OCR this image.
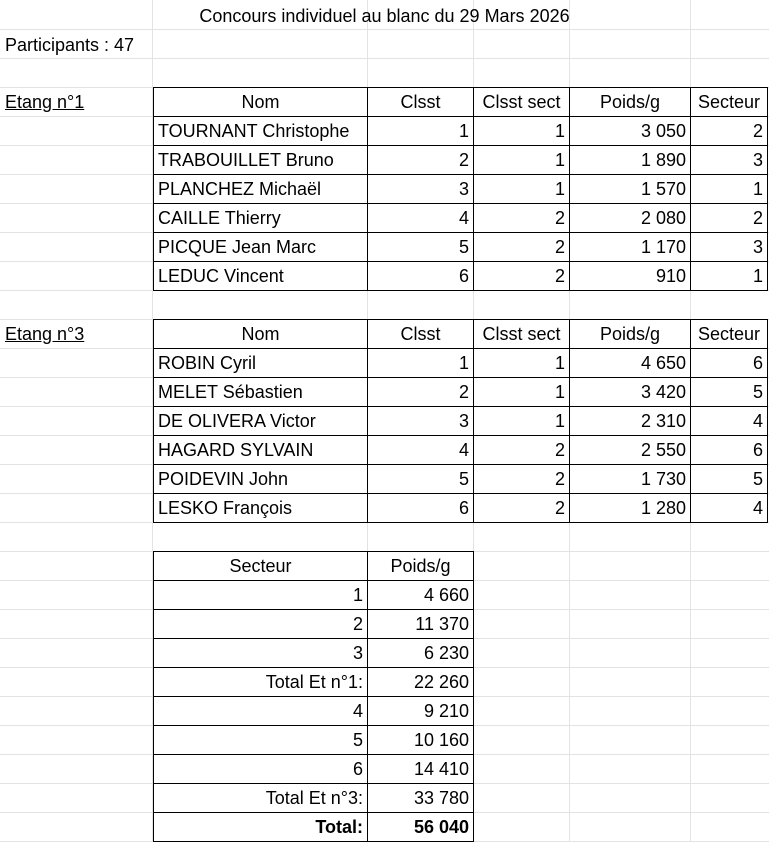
Concours individuel au blanc du 29 Mars 2026
Participants : 47
Etang n°1	Nom	Clsst	Clsst sect	Poids/g	Secteur
TOURNANT Christophe	1	1	3 050	2
TRABOUILLET Bruno	2	1	1 890	3
PLANCHEZ Michaël	3	1	1 570	1
CAILLE Thierry	4	2	2 080	2
PICQUE Jean Marc	5	2	1 170	3
LEDUC Vincent	6	2	910	1
Etang n°3	Nom	Clsst	Clsst sect	Poids/g	Secteur
ROBIN Cyril	1	1	4 650	6
MELET Sébastien	2	1	3 420	5
DE OLIVERA Victor	3	1	2 310	4
HAGARD SYLVAIN	4	2	2 550	6
POIDEVIN John	5	2	1 730	5
LESKO François	6	2	1 280	4
Secteur	Poids/g
1	4 660
2	11 370
3	6 230
Total Et n°1:	22 260
4	9 210
5	10 160
6	14 410
Total Et n°3:	33 780
Total:	56 040
